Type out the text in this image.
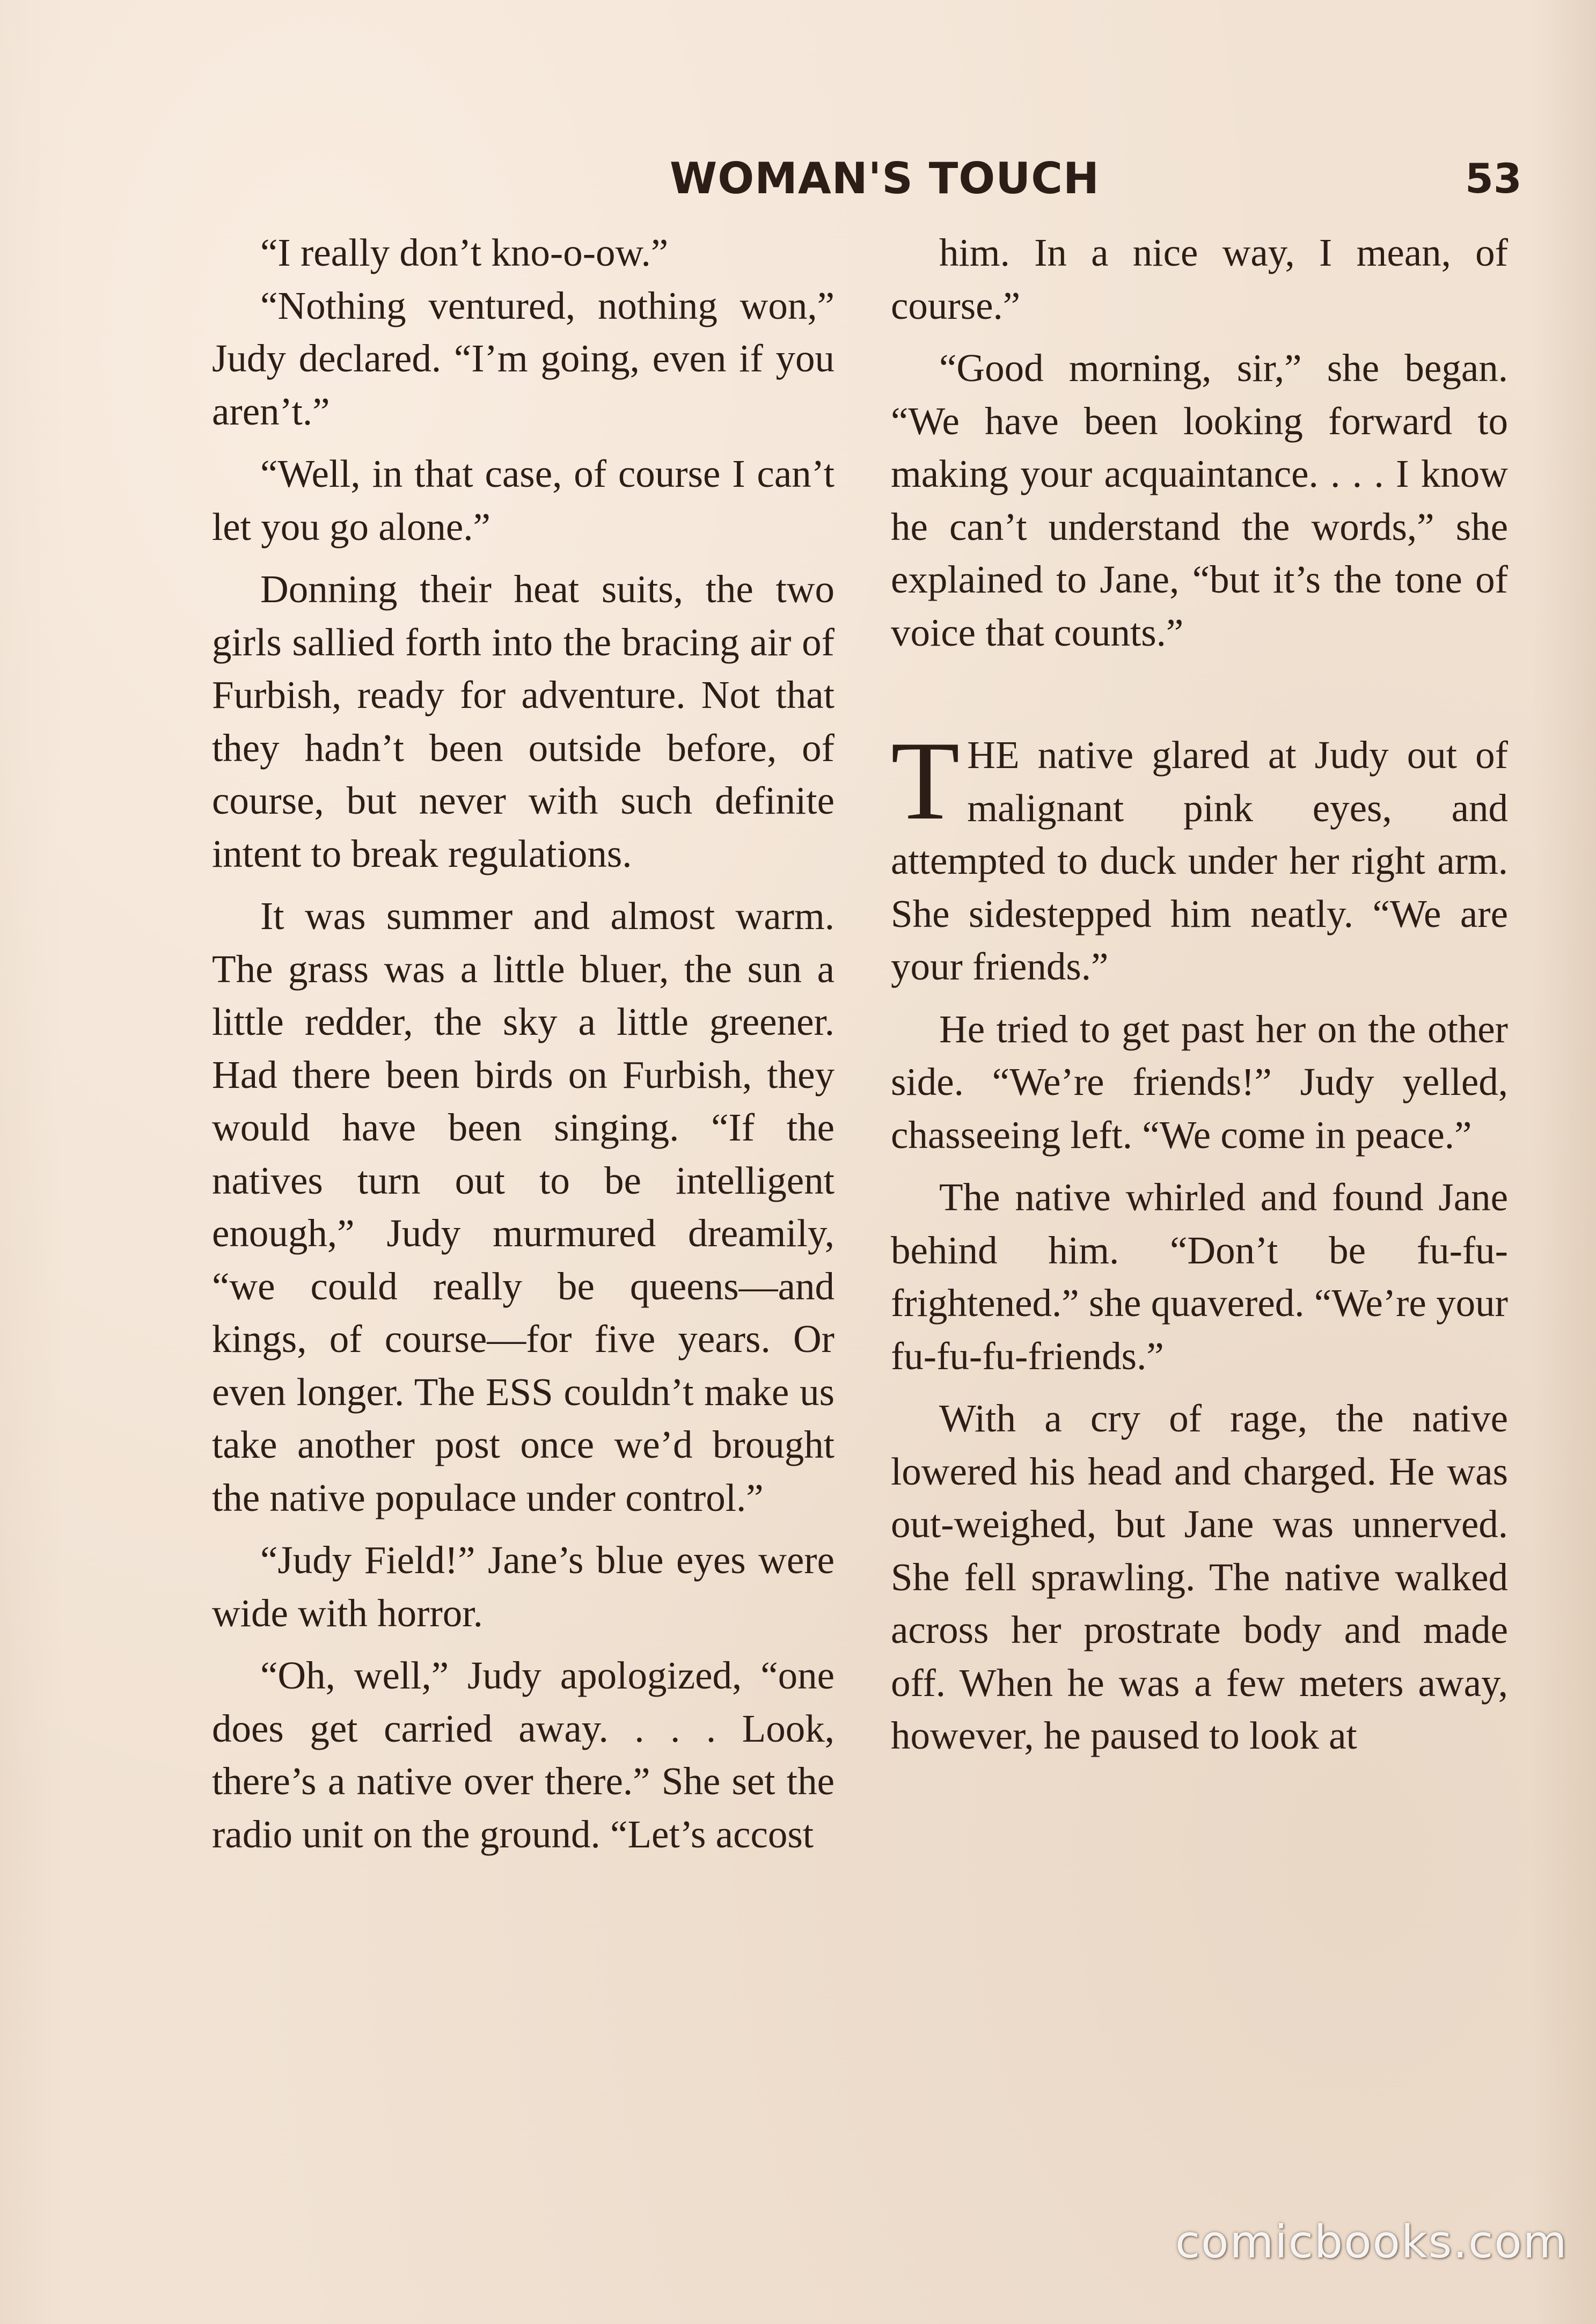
WOMAN'S TOUCH	53

“I really don’t kno-o-ow.”

“Nothing ventured, nothing won,” Judy declared. “I’m going, even if you aren’t.”

“Well, in that case, of course I can’t let you go alone.”

Donning their heat suits, the two girls sallied forth into the bracing air of Furbish, ready for adventure. Not that they hadn’t been outside before, of course, but never with such definite intent to break regulations.

It was summer and almost warm. The grass was a little bluer, the sun a little redder, the sky a little greener. Had there been birds on Furbish, they would have been singing. “If the natives turn out to be intelligent enough,” Judy murmured dreamily, “we could really be queens—and kings, of course—for five years. Or even longer. The ESS couldn’t make us take another post once we’d brought the native populace under control.”

“Judy Field!” Jane’s blue eyes were wide with horror.

“Oh, well,” Judy apologized, “one does get carried away. . . . Look, there’s a native over there.” She set the radio unit on the ground. “Let’s accost

him. In a nice way, I mean, of course.”

“Good morning, sir,” she began. “We have been looking forward to making your acquaintance. . . . I know he can’t understand the words,” she explained to Jane, “but it’s the tone of voice that counts.”

THE native glared at Judy out of malignant pink eyes, and attempted to duck under her right arm. She sidestepped him neatly. “We are your friends.”

He tried to get past her on the other side. “We’re friends!” Judy yelled, chasseeing left. “We come in peace.”

The native whirled and found Jane behind him. “Don’t be fu-fu-frightened.” she quavered. “We’re your fu-fu-fu-friends.”

With a cry of rage, the native lowered his head and charged. He was out-weighed, but Jane was unnerved. She fell sprawling. The native walked across her prostrate body and made off. When he was a few meters away, however, he paused to look at

comicbooks.com
